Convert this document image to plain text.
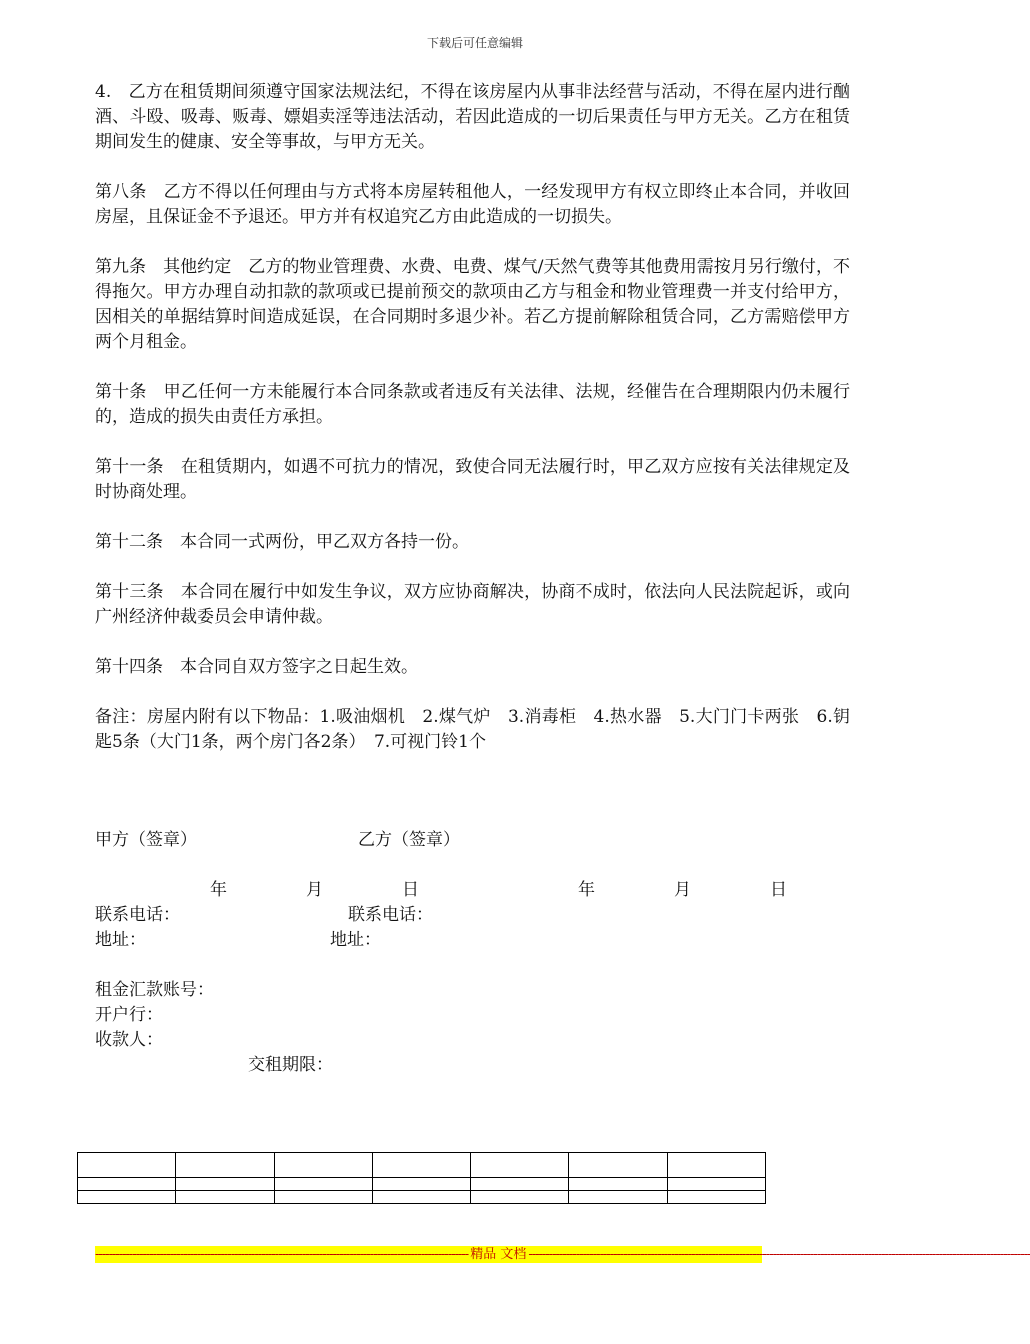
下载后可任意编辑

4.　乙方在租赁期间须遵守国家法规法纪，不得在该房屋内从事非法经营与活动，不得在屋内进行酗酒、斗殴、吸毒、贩毒、嫖娼卖淫等违法活动，若因此造成的一切后果责任与甲方无关。乙方在租赁期间发生的健康、安全等事故，与甲方无关。

第八条　乙方不得以任何理由与方式将本房屋转租他人，一经发现甲方有权立即终止本合同，并收回房屋，且保证金不予退还。甲方并有权追究乙方由此造成的一切损失。

第九条　其他约定　乙方的物业管理费、水费、电费、煤气/天然气费等其他费用需按月另行缴付，不得拖欠。甲方办理自动扣款的款项或已提前预交的款项由乙方与租金和物业管理费一并支付给甲方，因相关的单据结算时间造成延误，在合同期时多退少补。若乙方提前解除租赁合同，乙方需赔偿甲方两个月租金。

第十条　甲乙任何一方未能履行本合同条款或者违反有关法律、法规，经催告在合理期限内仍未履行的，造成的损失由责任方承担。

第十一条　在租赁期内，如遇不可抗力的情况，致使合同无法履行时，甲乙双方应按有关法律规定及时协商处理。

第十二条　本合同一式两份，甲乙双方各持一份。

第十三条　本合同在履行中如发生争议，双方应协商解决，协商不成时，依法向人民法院起诉，或向广州经济仲裁委员会申请仲裁。

第十四条　本合同自双方签字之日起生效。

备注：房屋内附有以下物品：1.吸油烟机　2.煤气炉　3.消毒柜　4.热水器　5.大门门卡两张　6.钥匙5条（大门1条，两个房门各2条）　7.可视门铃1个

甲方（签章）	乙方（签章）
年	月	日	年	月	日
联系电话：	联系电话：
地址：	地址：
租金汇款账号：
开户行：
收款人：
交租期限：

-------------------------------------------------------------------------------------------------------------- 精品 文档 ----------------------------------------------------------------------------------------------------------------------------------------------------
